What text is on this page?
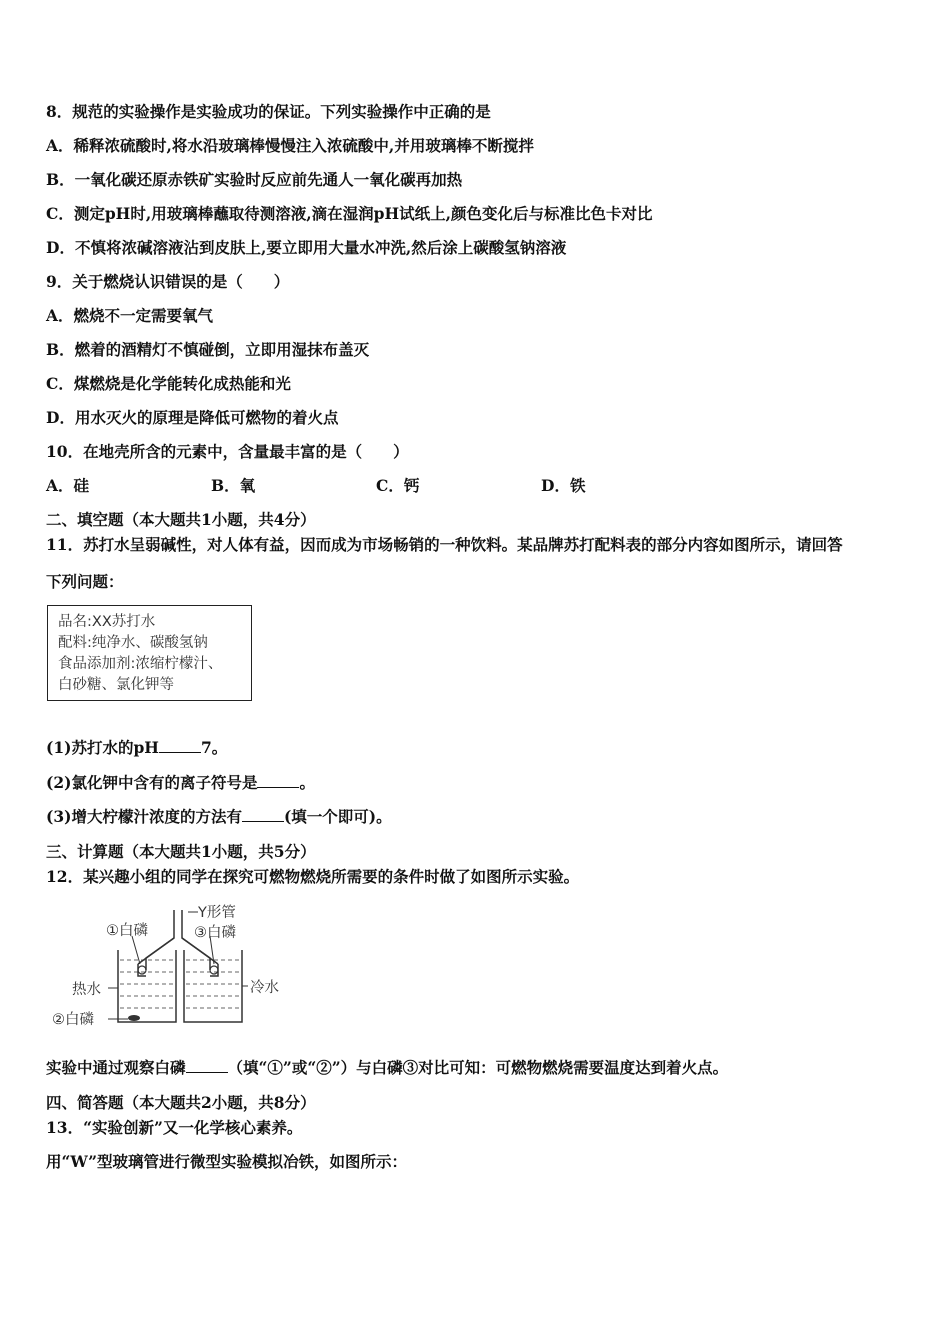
8．规范的实验操作是实验成功的保证。下列实验操作中正确的是
A．稀释浓硫酸时,将水沿玻璃棒慢慢注入浓硫酸中,并用玻璃棒不断搅拌
B．一氧化碳还原赤铁矿实验时反应前先通人一氧化碳再加热
C．测定pH时,用玻璃棒蘸取待测溶液,滴在湿润pH试纸上,颜色变化后与标准比色卡对比
D．不慎将浓碱溶液沾到皮肤上,要立即用大量水冲洗,然后涂上碳酸氢钠溶液
9．关于燃烧认识错误的是（　　）
A．燃烧不一定需要氧气
B．燃着的酒精灯不慎碰倒，立即用湿抹布盖灭
C．煤燃烧是化学能转化成热能和光
D．用水灭火的原理是降低可燃物的着火点
10．在地壳所含的元素中，含量最丰富的是（　　）
A．硅	B．氧	C．钙	D．铁
二、填空题（本大题共1小题，共4分）
11．苏打水呈弱碱性，对人体有益，因而成为市场畅销的一种饮料。某品牌苏打配料表的部分内容如图所示，请回答
下列问题：
品名:XX苏打水
配料:纯净水、碳酸氢钠
食品添加剂:浓缩柠檬汁、
白砂糖、氯化钾等
(1)苏打水的pH	7。
(2)氯化钾中含有的离子符号是	。
(3)增大柠檬汁浓度的方法有	(填一个即可)。
三、计算题（本大题共1小题，共5分）
12．某兴趣小组的同学在探究可燃物燃烧所需要的条件时做了如图所示实验。
Y形管
①白磷	③白磷
热水	冷水
②白磷
实验中通过观察白磷	（填“①”或“②”）与白磷③对比可知：可燃物燃烧需要温度达到着火点。
四、简答题（本大题共2小题，共8分）
13．“实验创新”又一化学核心素养。
用“W”型玻璃管进行微型实验模拟冶铁，如图所示：
